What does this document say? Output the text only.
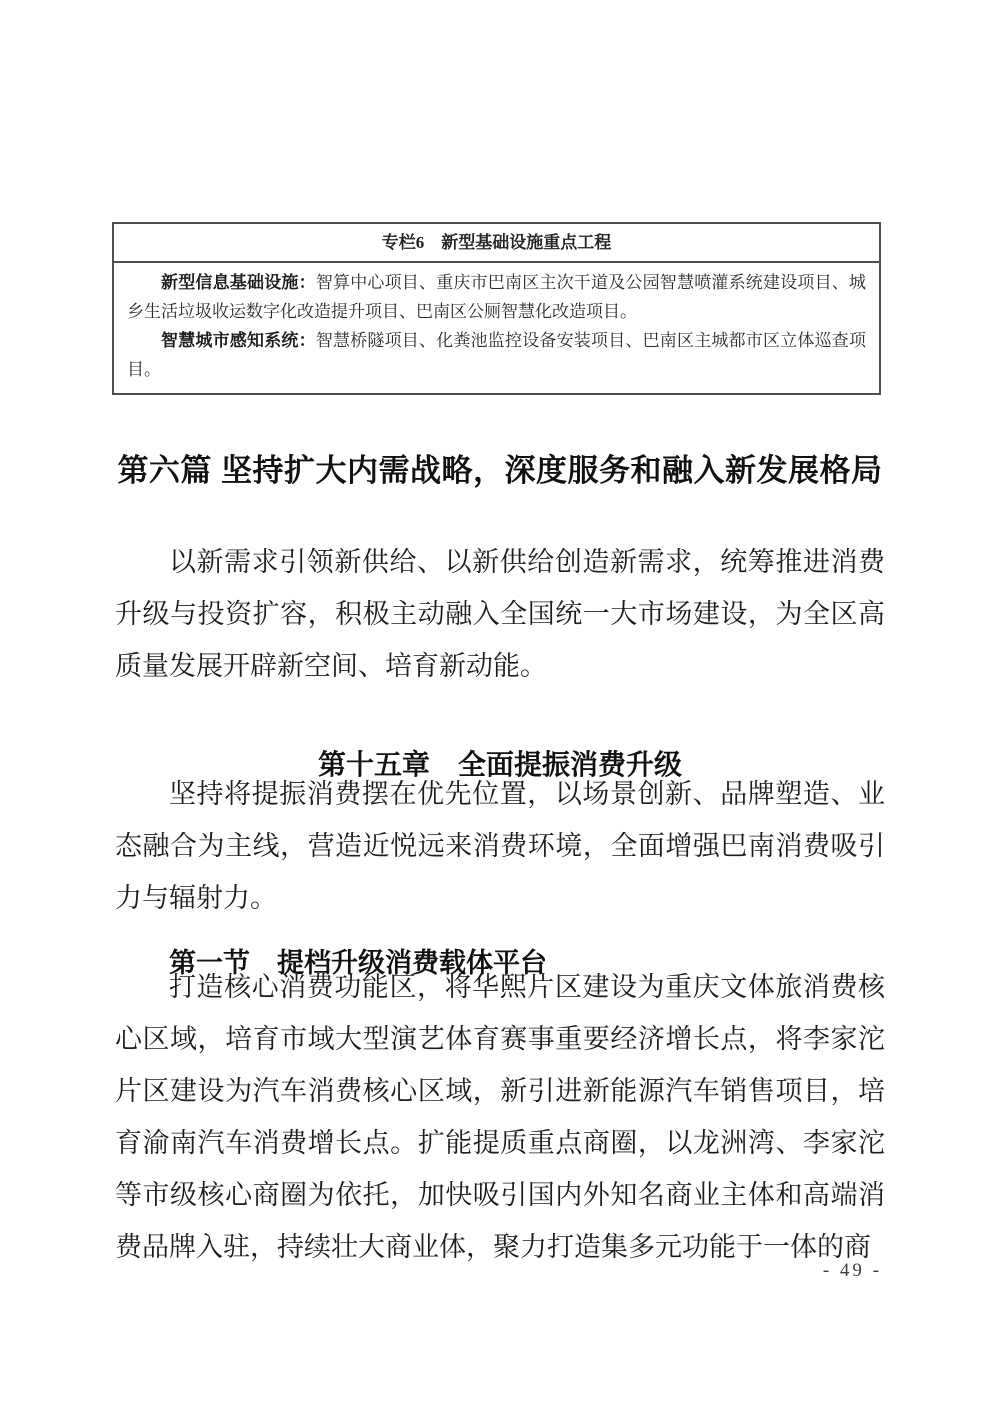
专栏6　新型基础设施重点工程

新型信息基础设施：智算中心项目、重庆市巴南区主次干道及公园智慧喷灌系统建设项目、城乡生活垃圾收运数字化改造提升项目、巴南区公厕智慧化改造项目。

智慧城市感知系统：智慧桥隧项目、化粪池监控设备安装项目、巴南区主城都市区立体巡查项目。

第六篇 坚持扩大内需战略，深度服务和融入新发展格局

以新需求引领新供给、以新供给创造新需求，统筹推进消费升级与投资扩容，积极主动融入全国统一大市场建设，为全区高质量发展开辟新空间、培育新动能。

第十五章　全面提振消费升级

坚持将提振消费摆在优先位置，以场景创新、品牌塑造、业态融合为主线，营造近悦远来消费环境，全面增强巴南消费吸引力与辐射力。

第一节　提档升级消费载体平台

打造核心消费功能区，将华熙片区建设为重庆文体旅消费核心区域，培育市域大型演艺体育赛事重要经济增长点，将李家沱片区建设为汽车消费核心区域，新引进新能源汽车销售项目，培育渝南汽车消费增长点。扩能提质重点商圈，以龙洲湾、李家沱等市级核心商圈为依托，加快吸引国内外知名商业主体和高端消费品牌入驻，持续壮大商业体，聚力打造集多元功能于一体的商

- 49 -
